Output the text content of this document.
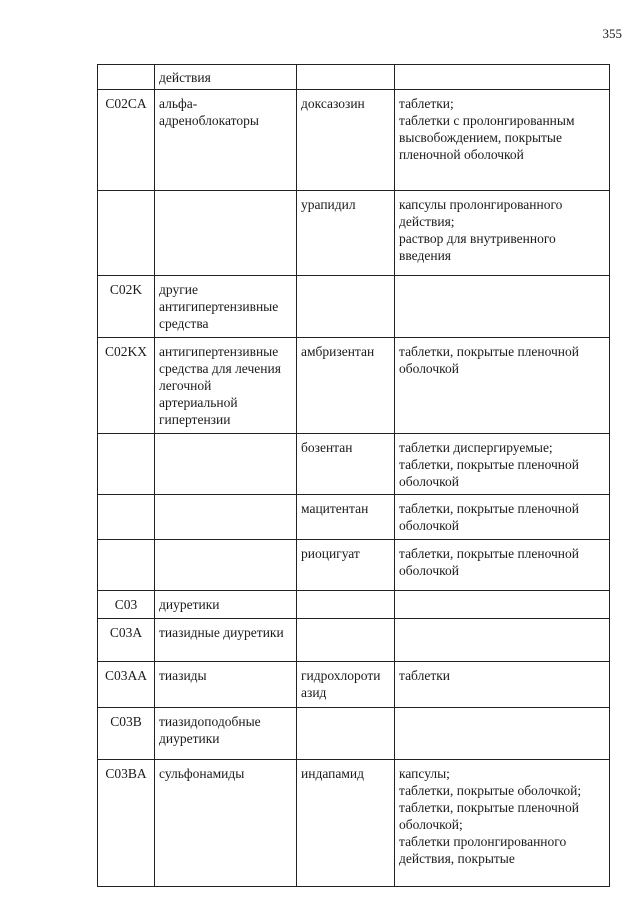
355
	действия		
C02CA	альфа-адреноблокаторы	доксазозин	таблетки;
таблетки с пролонгированным высвобождением, покрытые пленочной оболочкой

		урапидил	капсулы пролонгированного действия;
раствор для внутривенного введения

C02K	другие антигипертензивные средства		
C02KX	антигипертензивные средства для лечения легочной артериальной гипертензии	амбризентан	таблетки, покрытые пленочной оболочкой

		бозентан	таблетки диспергируемые;
таблетки, покрытые пленочной оболочкой

		мацитентан	таблетки, покрытые пленочной оболочкой

		риоцигуат	таблетки, покрытые пленочной оболочкой

C03	диуретики		
C03A	тиазидные диуретики		
C03AA	тиазиды	гидрохлороти азид	таблетки

C03B	тиазидоподобные диуретики		
C03BA	сульфонамиды	индапамид	капсулы;
таблетки, покрытые оболочкой;
таблетки, покрытые пленочной оболочкой;
таблетки пролонгированного действия, покрытые
